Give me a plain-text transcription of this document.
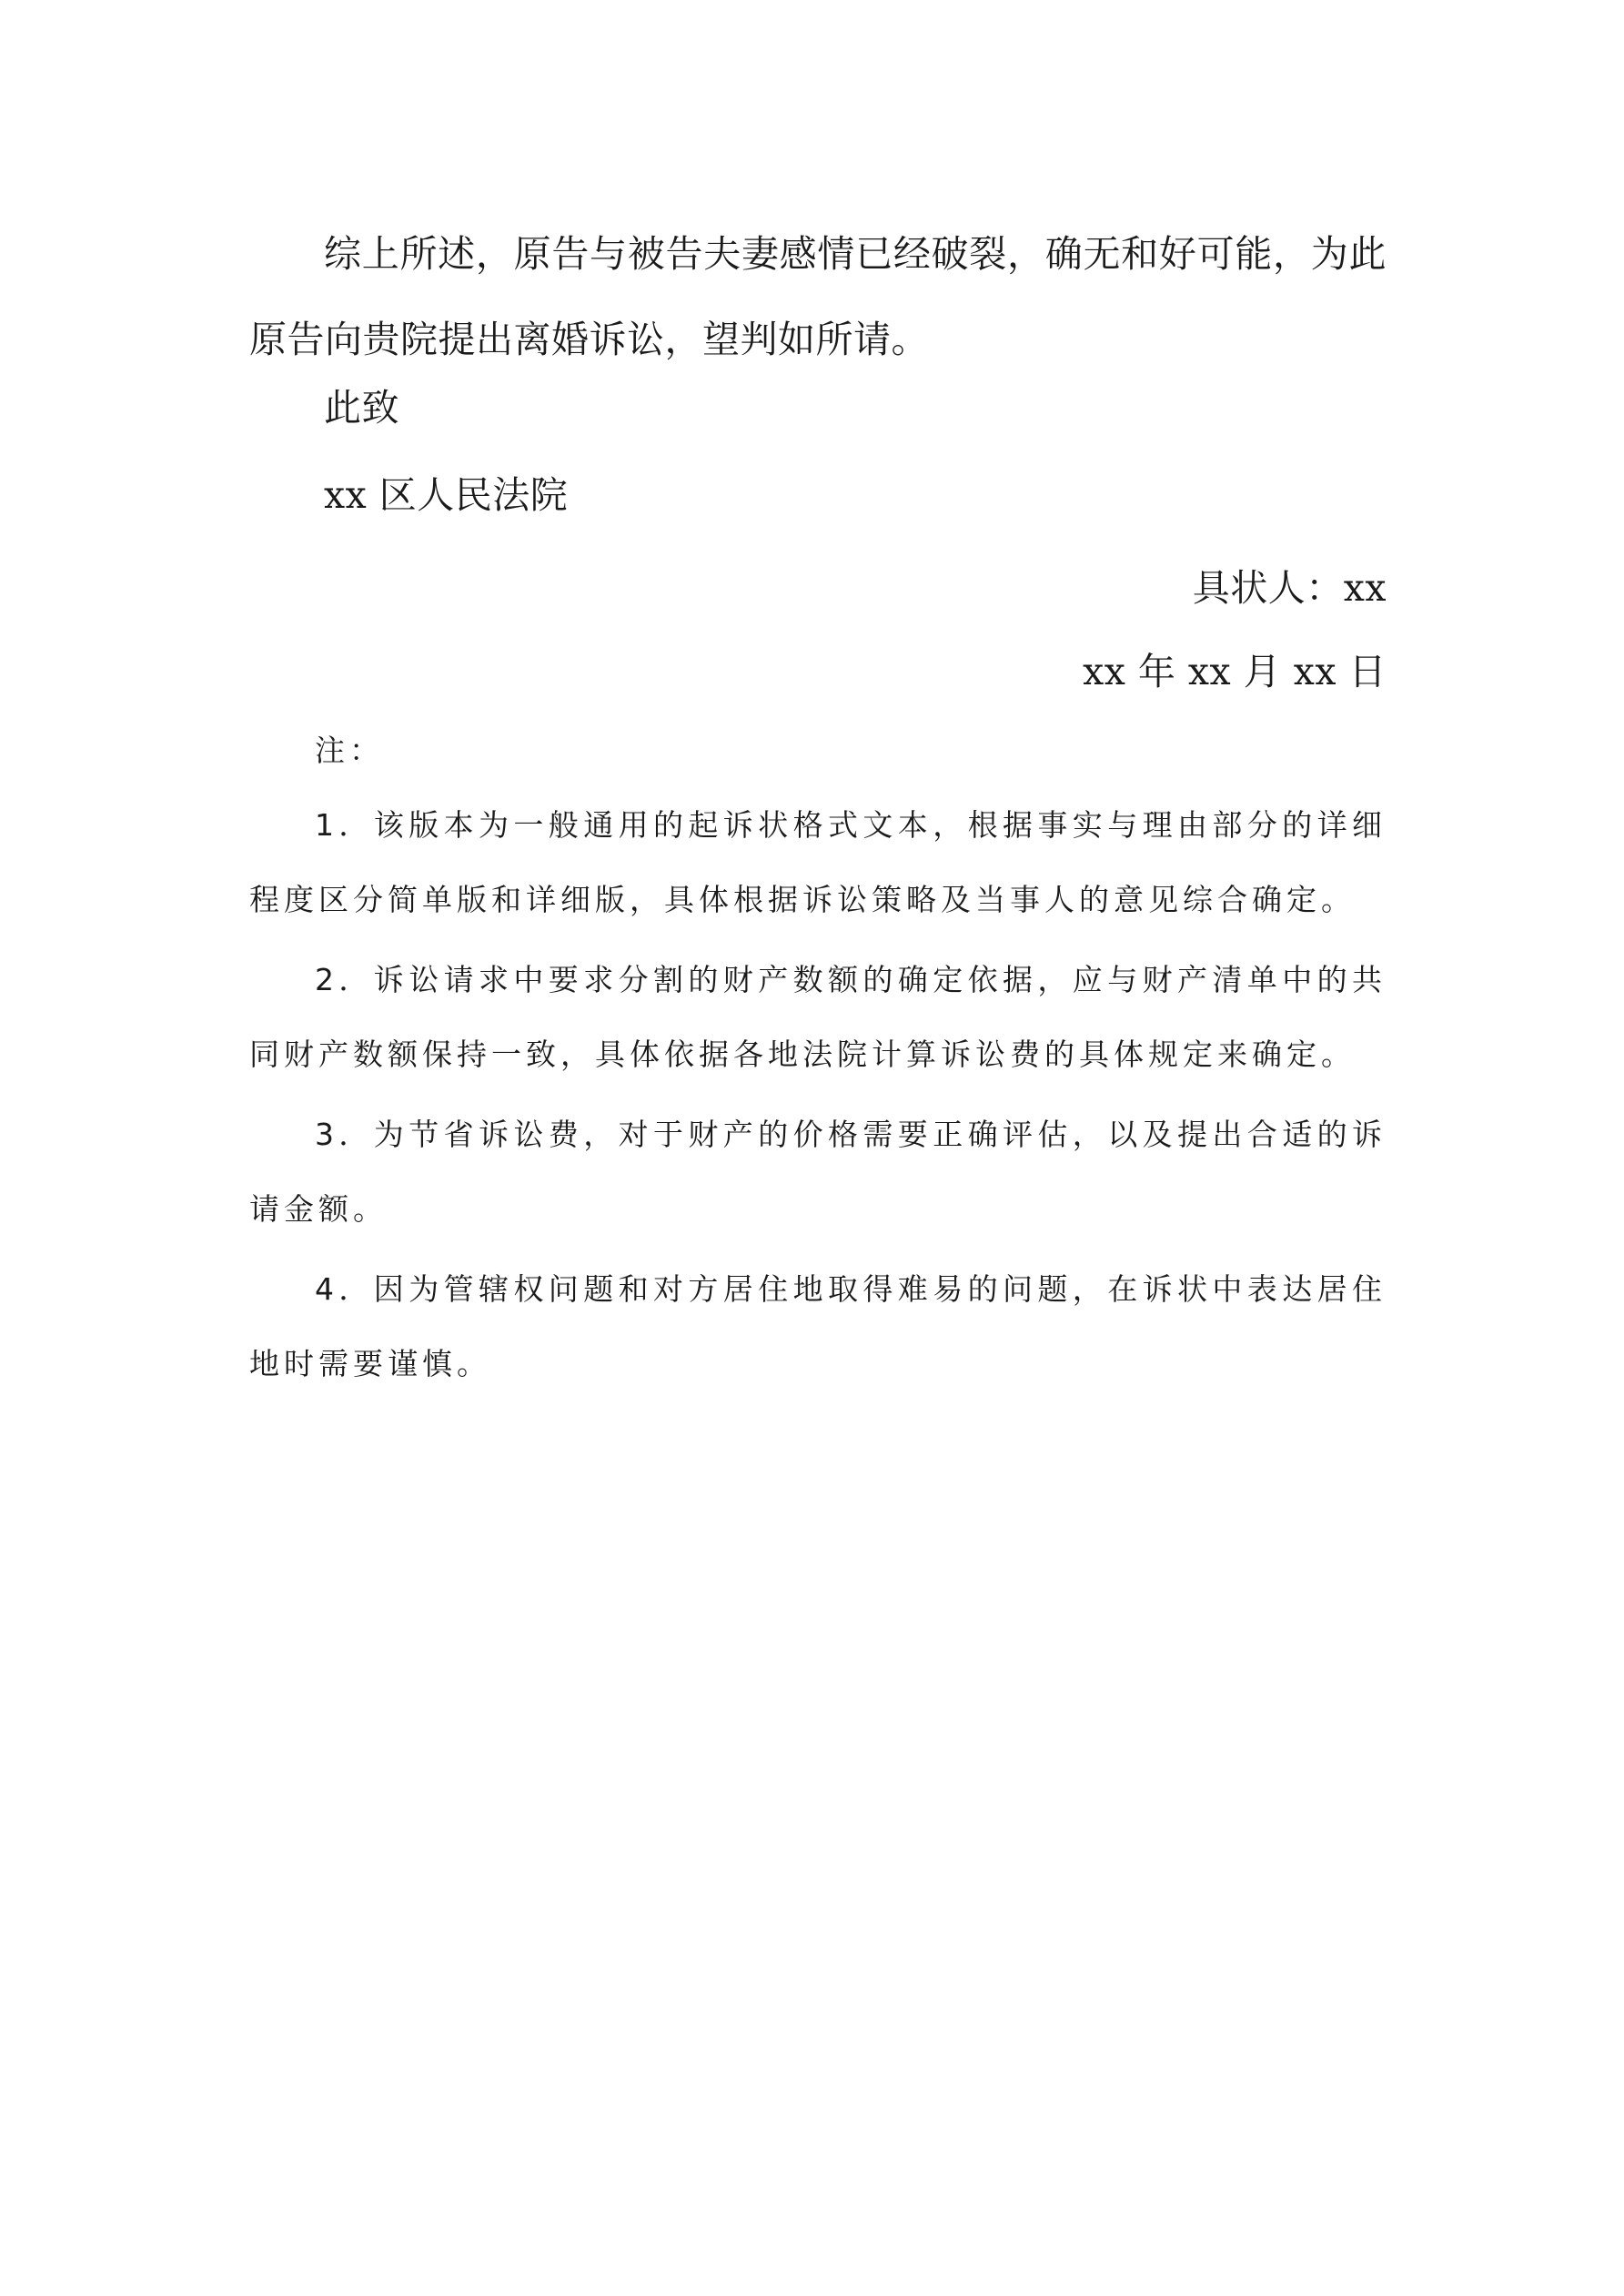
综上所述，原告与被告夫妻感情已经破裂，确无和好可能，为此原告向贵院提出离婚诉讼，望判如所请。

此致

xx 区人民法院

具状人：xx

xx 年 xx 月 xx 日

注：

1．该版本为一般通用的起诉状格式文本，根据事实与理由部分的详细程度区分简单版和详细版，具体根据诉讼策略及当事人的意见综合确定。
2．诉讼请求中要求分割的财产数额的确定依据，应与财产清单中的共同财产数额保持一致，具体依据各地法院计算诉讼费的具体规定来确定。
3．为节省诉讼费，对于财产的价格需要正确评估，以及提出合适的诉请金额。
4．因为管辖权问题和对方居住地取得难易的问题，在诉状中表达居住地时需要谨慎。
